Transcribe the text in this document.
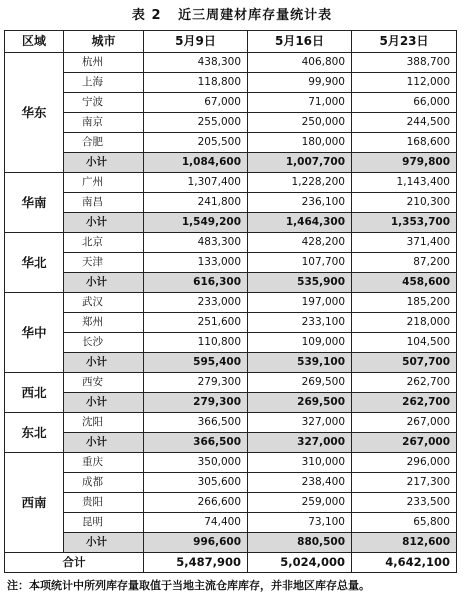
表 2   近三周建材库存量统计表
区域	城市	5月9日	5月16日	5月23日
华东	杭州	438,300	406,800	388,700
	上海	118,800	99,900	112,000
	宁波	67,000	71,000	66,000
	南京	255,000	250,000	244,500
	合肥	205,500	180,000	168,600
	小计	1,084,600	1,007,700	979,800
华南	广州	1,307,400	1,228,200	1,143,400
	南昌	241,800	236,100	210,300
	小计	1,549,200	1,464,300	1,353,700
华北	北京	483,300	428,200	371,400
	天津	133,000	107,700	87,200
	小计	616,300	535,900	458,600
华中	武汉	233,000	197,000	185,200
	郑州	251,600	233,100	218,000
	长沙	110,800	109,000	104,500
	小计	595,400	539,100	507,700
西北	西安	279,300	269,500	262,700
	小计	279,300	269,500	262,700
东北	沈阳	366,500	327,000	267,000
	小计	366,500	327,000	267,000
西南	重庆	350,000	310,000	296,000
	成都	305,600	238,400	217,300
	贵阳	266,600	259,000	233,500
	昆明	74,400	73,100	65,800
	小计	996,600	880,500	812,600
合计		5,487,900	5,024,000	4,642,100
注：本项统计中所列库存量取值于当地主流仓库库存，并非地区库存总量。
